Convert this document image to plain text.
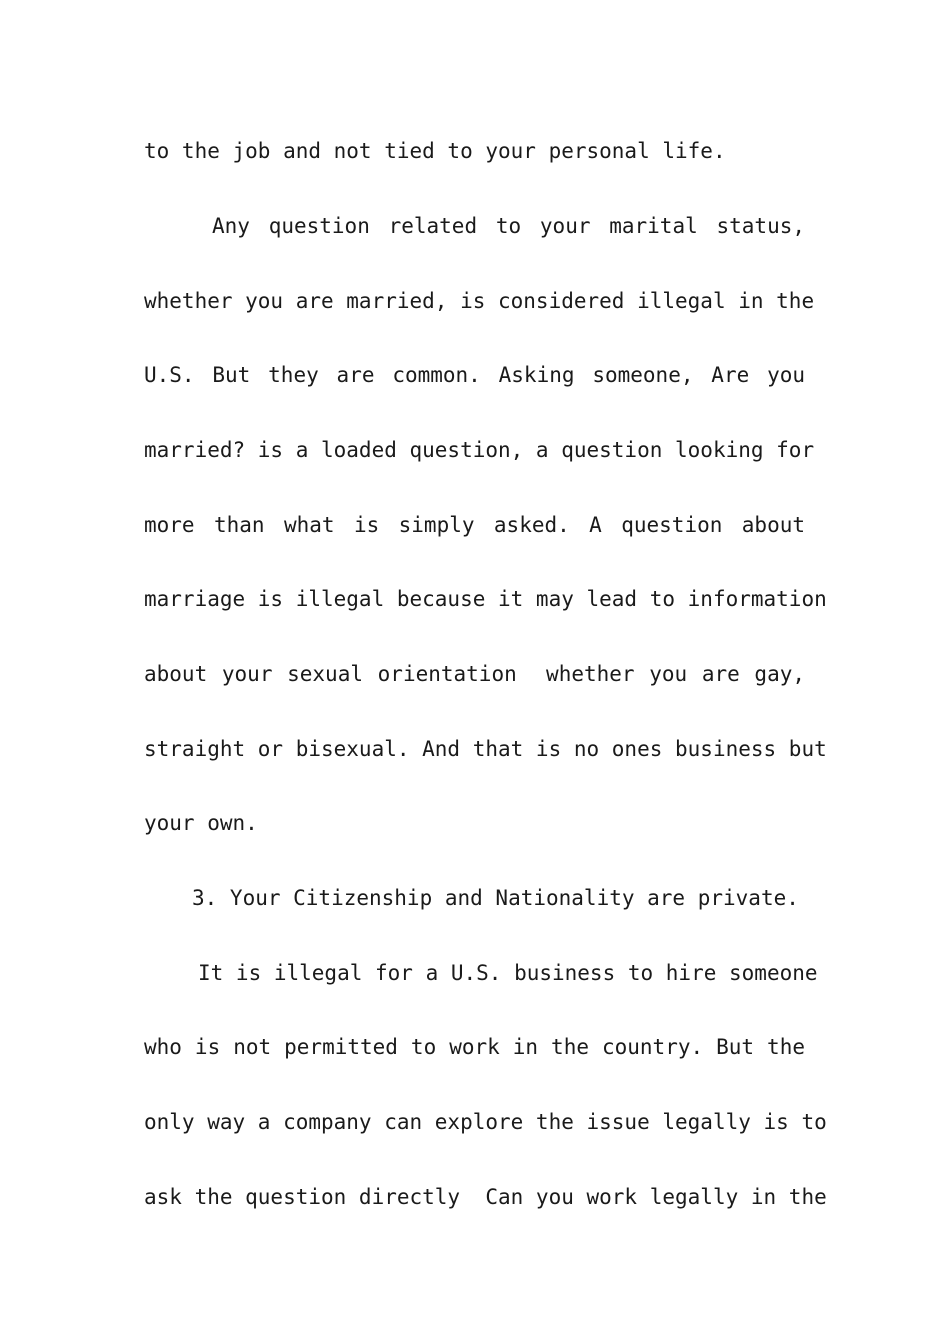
to the job and not tied to your personal life.
Any question related to your marital status,
whether you are married, is considered illegal in the
U.S. But they are common. Asking someone, Are you
married? is a loaded question, a question looking for
more than what is simply asked. A question about
marriage is illegal because it may lead to information
about your sexual orientation  whether you are gay,
straight or bisexual. And that is no ones business but
your own.
3. Your Citizenship and Nationality are private.
It is illegal for a U.S. business to hire someone
who is not permitted to work in the country. But the
only way a company can explore the issue legally is to
ask the question directly  Can you work legally in the
